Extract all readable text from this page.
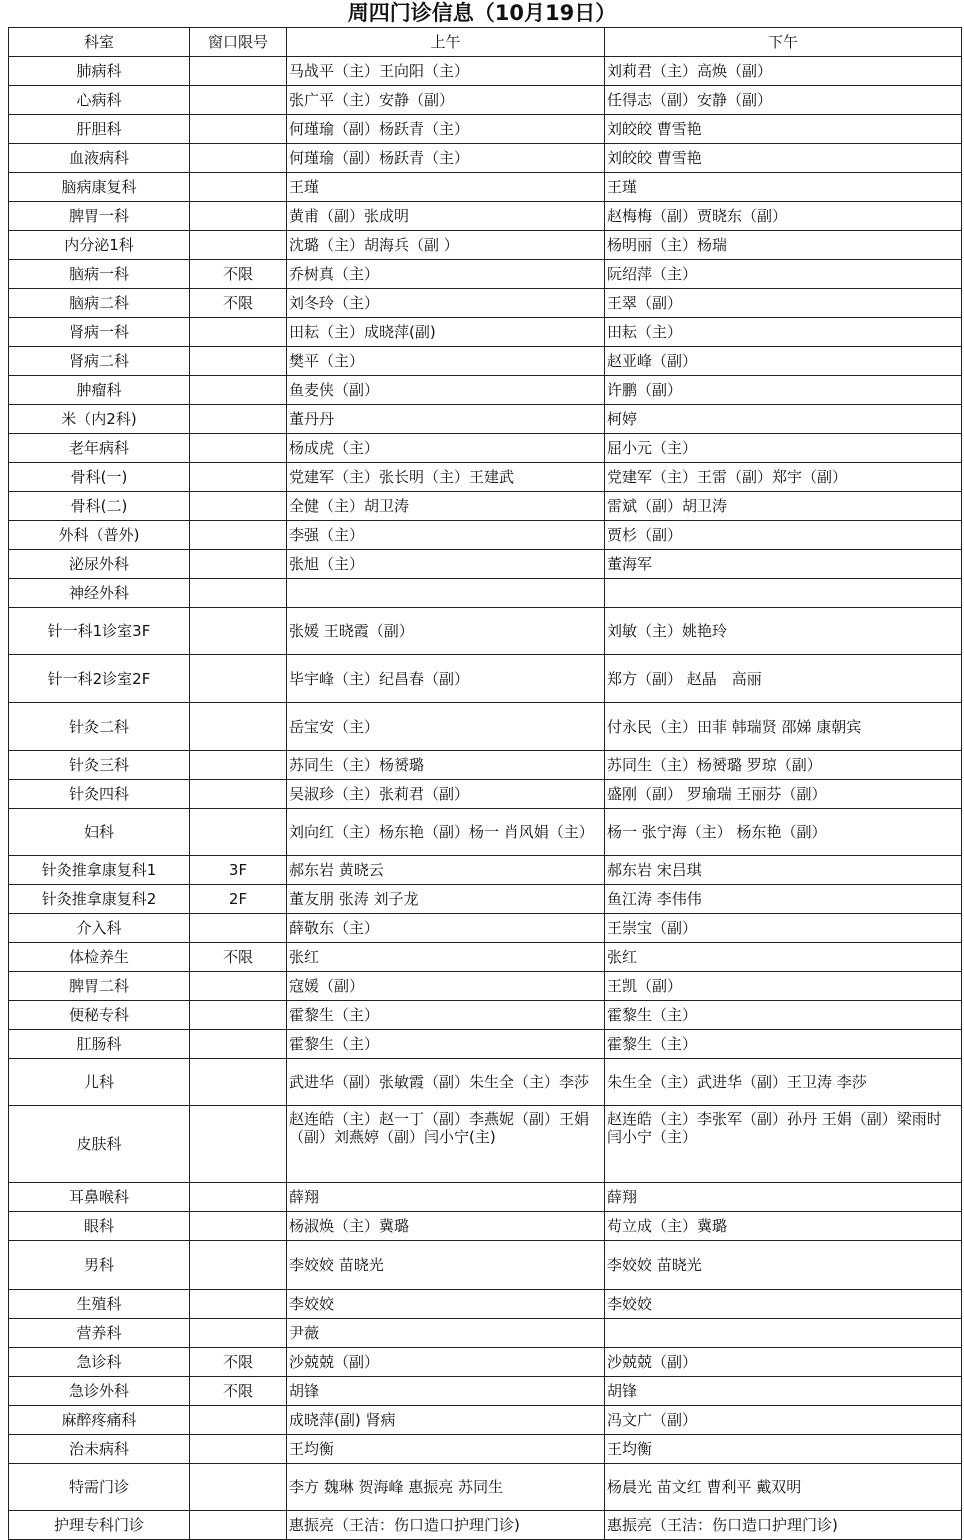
周四门诊信息（10月19日）
科室	窗口限号	上午	下午
肺病科		马战平（主）王向阳（主）	刘莉君（主）高焕（副）
心病科		张广平（主）安静（副）	任得志（副）安静（副）
肝胆科		何瑾瑜（副）杨跃青（主）	刘皎皎 曹雪艳
血液病科		何瑾瑜（副）杨跃青（主）	刘皎皎 曹雪艳
脑病康复科		王瑾	王瑾
脾胃一科		黄甫（副）张成明	赵梅梅（副）贾晓东（副）
内分泌1科		沈璐（主）胡海兵（副 ）	杨明丽（主）杨瑞
脑病一科	不限	乔树真（主）	阮绍萍（主）
脑病二科	不限	刘冬玲（主）	王翠（副）
肾病一科		田耘（主）成晓萍(副)	田耘（主）
肾病二科		樊平（主）	赵亚峰（副）
肿瘤科		鱼麦侠（副）	许鹏（副）
米（内2科)		董丹丹	柯婷
老年病科		杨成虎（主）	屈小元（主）
骨科(一)		党建军（主）张长明（主）王建武	党建军（主）王雷（副）郑宇（副）
骨科(二)		全健（主）胡卫涛	雷斌（副）胡卫涛
外科（普外)		李强（主）	贾杉（副）
泌尿外科		张旭（主）	董海军
神经外科			
针一科1诊室3F		张媛 王晓霞（副）	刘敏（主）姚艳玲
针一科2诊室2F		毕宇峰（主）纪昌春（副）	郑方（副） 赵晶　高丽
针灸二科		岳宝安（主）	付永民（主）田菲 韩瑞贤 邵娣 康朝宾
针灸三科		苏同生（主）杨赟璐	苏同生（主）杨赟璐 罗琼（副）
针灸四科		吴淑珍（主）张莉君（副）	盛刚（副） 罗瑜瑞 王丽芬（副）
妇科		刘向红（主）杨东艳（副）杨一 肖风娟（主）	杨一 张宁海（主） 杨东艳（副）
针灸推拿康复科1	3F	郝东岩 黄晓云	郝东岩 宋吕琪
针灸推拿康复科2	2F	董友朋 张涛 刘子龙	鱼江涛 李伟伟
介入科		薛敬东（主）	王崇宝（副）
体检养生	不限	张红	张红
脾胃二科		寇媛（副）	王凯（副）
便秘专科		霍黎生（主）	霍黎生（主）
肛肠科		霍黎生（主）	霍黎生（主）
儿科		武进华（副）张敏霞（副）朱生全（主）李莎	朱生全（主）武进华（副）王卫涛 李莎
皮肤科		赵连皓（主）赵一丁（副）李燕妮（副）王娟（副）刘燕婷（副）闫小宁(主)	赵连皓（主）李张军（副）孙丹 王娟（副）梁雨时 闫小宁（主）
耳鼻喉科		薛翔	薛翔
眼科		杨淑焕（主）冀璐	苟立成（主）冀璐
男科		李姣姣 苗晓光	李姣姣 苗晓光
生殖科		李姣姣	李姣姣
营养科		尹薇	
急诊科	不限	沙兢兢（副）	沙兢兢（副）
急诊外科	不限	胡锋	胡锋
麻醉疼痛科		成晓萍(副) 肾病	冯文广（副）
治未病科		王均衡	王均衡
特需门诊		李方 魏琳 贺海峰 惠振亮 苏同生	杨晨光 苗文红 曹利平 戴双明
护理专科门诊		惠振亮（王洁：伤口造口护理门诊)	惠振亮（王洁：伤口造口护理门诊)
